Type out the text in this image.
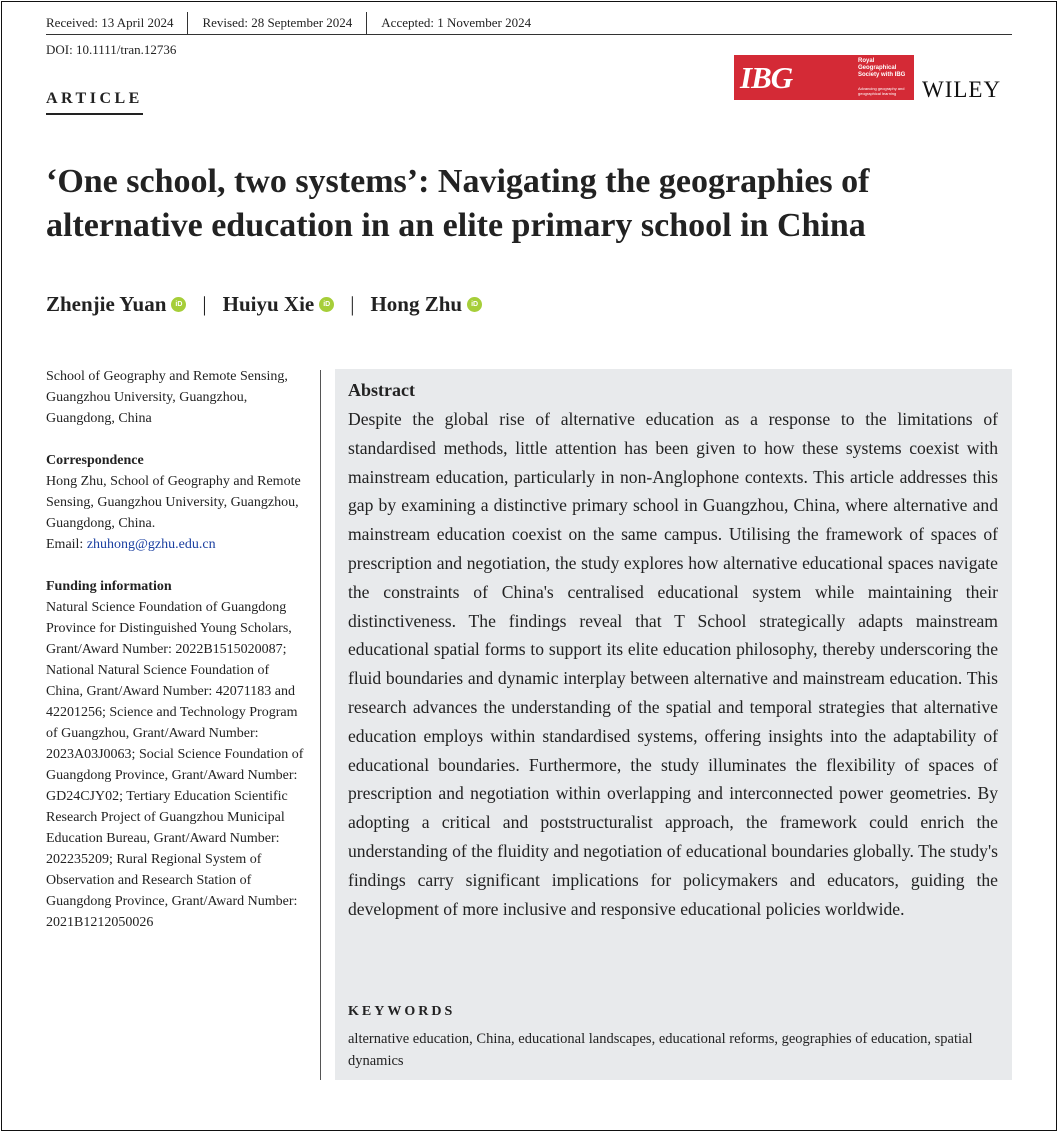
Received: 13 April 2024 Revised: 28 September 2024 Accepted: 1 November 2024
DOI: 10.1111/tran.12736
ARTICLE
IBG	Royal Geographical Society with IBG
Advancing geography and geographical learning	WILEY
‘One school, two systems’: Navigating the geographies of alternative education in an elite primary school in China
Zhenjie Yuan	iD | Huiyu Xie	iD | Hong Zhu	iD

School of Geography and Remote Sensing, Guangzhou University, Guangzhou, Guangdong, China

Correspondence

Hong Zhu, School of Geography and Remote Sensing, Guangzhou University, Guangzhou, Guangdong, China.

Email: zhuhong@gzhu.edu.cn

Funding information

Natural Science Foundation of Guangdong Province for Distinguished Young Scholars, Grant/Award Number: 2022B1515020087; National Natural Science Foundation of China, Grant/Award Number: 42071183 and 42201256; Science and Technology Program of Guangzhou, Grant/Award Number: 2023A03J0063; Social Science Foundation of Guangdong Province, Grant/Award Number: GD24CJY02; Tertiary Education Scientific Research Project of Guangzhou Municipal Education Bureau, Grant/Award Number: 202235209; Rural Regional System of Observation and Research Station of Guangdong Province, Grant/Award Number: 2021B1212050026

Abstract

Despite the global rise of alternative education as a response to the limitations of standardised methods, little attention has been given to how these systems coexist with mainstream education, particularly in non-Anglophone contexts. This article addresses this gap by examining a distinctive primary school in Guangzhou, China, where alternative and mainstream education coexist on the same campus. Utilising the framework of spaces of prescription and negotiation, the study explores how alternative educational spaces navigate the constraints of China's centralised educational system while maintaining their distinctiveness. The findings reveal that T School strategically adapts mainstream educational spatial forms to support its elite education philosophy, thereby underscoring the fluid boundaries and dynamic interplay between alternative and mainstream education. This research advances the understanding of the spatial and temporal strategies that alternative education employs within standardised systems, offering insights into the adaptability of educational boundaries. Furthermore, the study illuminates the flexibility of spaces of prescription and negotiation within overlapping and interconnected power geometries. By adopting a critical and poststructuralist approach, the framework could enrich the understanding of the fluidity and negotiation of educational boundaries globally. The study's findings carry significant implications for policymakers and educators, guiding the development of more inclusive and responsive educational policies worldwide.

KEYWORDS

alternative education, China, educational landscapes, educational reforms, geographies of education, spatial dynamics
